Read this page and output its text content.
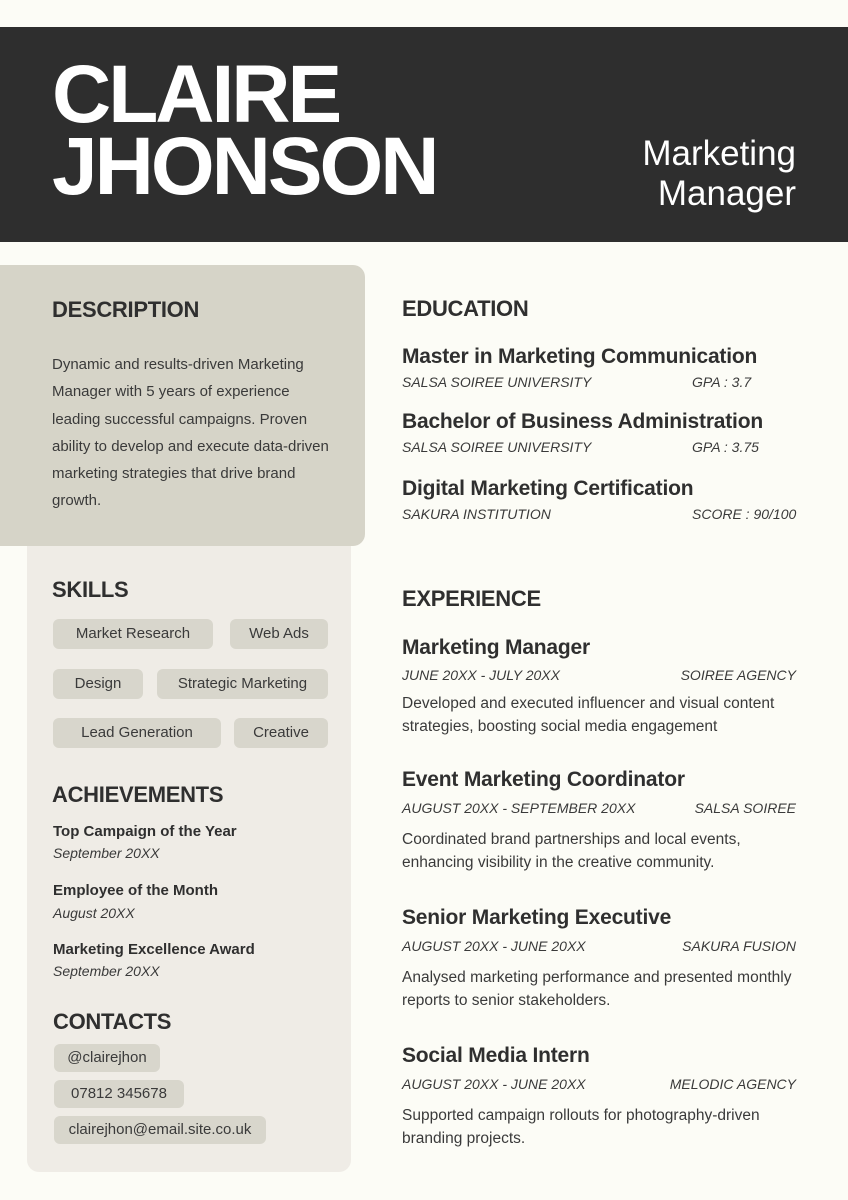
CLAIRE
JHONSON	Marketing
Manager

DESCRIPTION

Dynamic and results-driven Marketing Manager with 5 years of experience leading successful campaigns. Proven ability to develop and execute data-driven marketing strategies that drive brand growth.

SKILLS
Market Research	Web Ads
Design	Strategic Marketing
Lead Generation	Creative
ACHIEVEMENTS

Top Campaign of the Year

September 20XX

Employee of the Month

August 20XX

Marketing Excellence Award

September 20XX

CONTACTS
@clairejhon
07812 345678
clairejhon@email.site.co.uk
EDUCATION

Master in Marketing Communication

SALSA SOIREE UNIVERSITY	GPA : 3.7

Bachelor of Business Administration

SALSA SOIREE UNIVERSITY	GPA : 3.75

Digital Marketing Certification

SAKURA INSTITUTION	SCORE : 90/100

EXPERIENCE

Marketing Manager

JUNE 20XX - JULY 20XX	SOIREE AGENCY

Developed and executed influencer and visual content strategies, boosting social media engagement

Event Marketing Coordinator

AUGUST 20XX - SEPTEMBER 20XX	SALSA SOIREE

Coordinated brand partnerships and local events, enhancing visibility in the creative community.

Senior Marketing Executive

AUGUST 20XX - JUNE 20XX	SAKURA FUSION

Analysed marketing performance and presented monthly reports to senior stakeholders.

Social Media Intern

AUGUST 20XX - JUNE 20XX	MELODIC AGENCY

Supported campaign rollouts for photography-driven branding projects.
